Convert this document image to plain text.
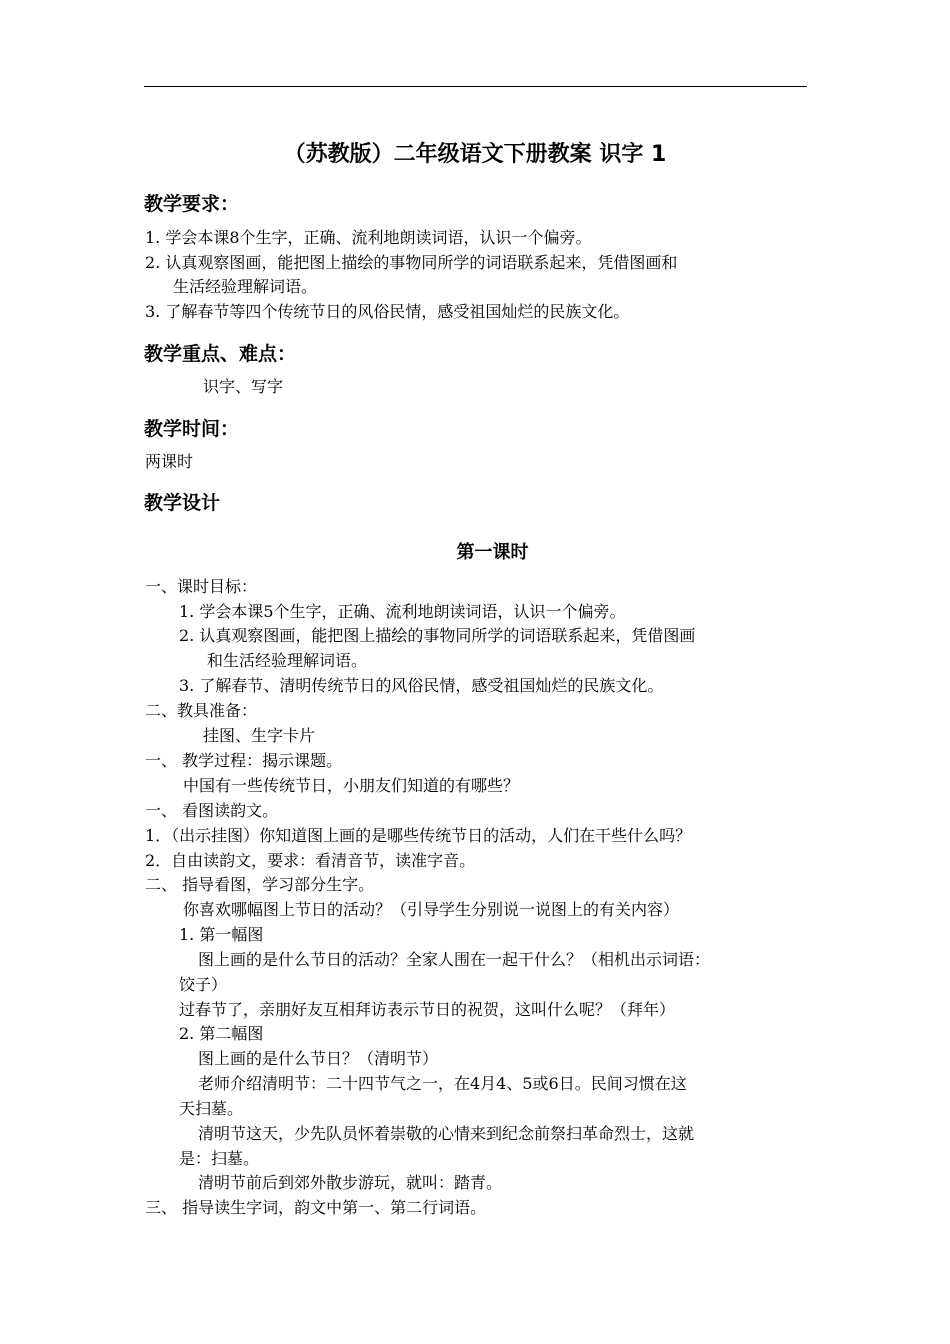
（苏教版）二年级语文下册教案 识字 1
教学要求：
1. 学会本课8个生字，正确、流利地朗读词语，认识一个偏旁。
2. 认真观察图画，能把图上描绘的事物同所学的词语联系起来，凭借图画和
生活经验理解词语。
3. 了解春节等四个传统节日的风俗民情，感受祖国灿烂的民族文化。
教学重点、难点：
识字、写字
教学时间：
两课时
教学设计
第一课时
一、课时目标：
1. 学会本课5个生字，正确、流利地朗读词语，认识一个偏旁。
2. 认真观察图画，能把图上描绘的事物同所学的词语联系起来，凭借图画
和生活经验理解词语。
3. 了解春节、清明传统节日的风俗民情，感受祖国灿烂的民族文化。
二、教具准备：
挂图、生字卡片
一、 教学过程：揭示课题。
中国有一些传统节日，小朋友们知道的有哪些？
一、 看图读韵文。
1．（出示挂图）你知道图上画的是哪些传统节日的活动，人们在干些什么吗？
2．自由读韵文，要求：看清音节，读准字音。
二、 指导看图，学习部分生字。
你喜欢哪幅图上节日的活动？（引导学生分别说一说图上的有关内容）
1. 第一幅图
图上画的是什么节日的活动？全家人围在一起干什么？（相机出示词语：
饺子）
过春节了，亲朋好友互相拜访表示节日的祝贺，这叫什么呢？（拜年）
2. 第二幅图
图上画的是什么节日？（清明节）
老师介绍清明节：二十四节气之一，在4月4、5或6日。民间习惯在这
天扫墓。
清明节这天，少先队员怀着崇敬的心情来到纪念前祭扫革命烈士，这就
是：扫墓。
清明节前后到郊外散步游玩，就叫：踏青。
三、 指导读生字词，韵文中第一、第二行词语。
